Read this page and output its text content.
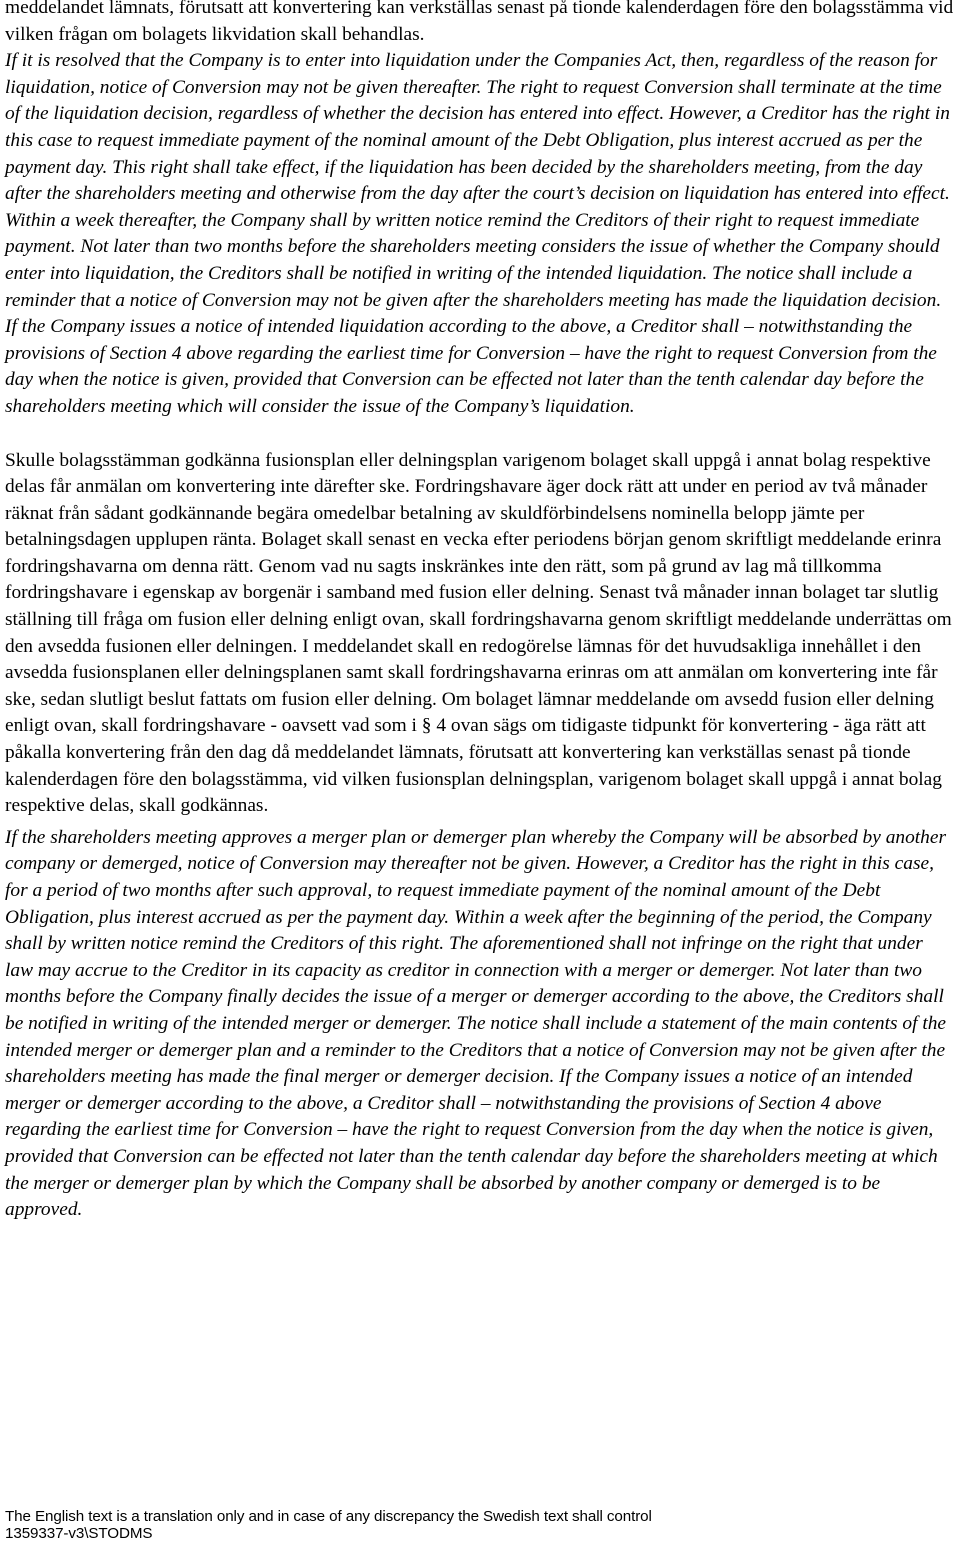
meddelandet lämnats, förutsatt att konvertering kan verkställas senast på tionde kalenderdagen före den bolagsstämma vid vilken frågan om bolagets likvidation skall behandlas.

If it is resolved that the Company is to enter into liquidation under the Companies Act, then, regardless of the reason for liquidation, notice of Conversion may not be given thereafter. The right to request Conversion shall terminate at the time of the liquidation decision, regardless of whether the decision has entered into effect. However, a Creditor has the right in this case to request immediate payment of the nominal amount of the Debt Obligation, plus interest accrued as per the payment day. This right shall take effect, if the liquidation has been decided by the shareholders meeting, from the day after the shareholders meeting and otherwise from the day after the court’s decision on liquidation has entered into effect. Within a week thereafter, the Company shall by written notice remind the Creditors of their right to request immediate payment. Not later than two months before the shareholders meeting considers the issue of whether the Company should enter into liquidation, the Creditors shall be notified in writing of the intended liquidation. The notice shall include a reminder that a notice of Conversion may not be given after the shareholders meeting has made the liquidation decision. If the Company issues a notice of intended liquidation according to the above, a Creditor shall – notwithstanding the provisions of Section 4 above regarding the earliest time for Conversion – have the right to request Conversion from the day when the notice is given, provided that Conversion can be effected not later than the tenth calendar day before the shareholders meeting which will consider the issue of the Company’s liquidation.

Skulle bolagsstämman godkänna fusionsplan eller delningsplan varigenom bolaget skall uppgå i annat bolag respektive delas får anmälan om konvertering inte därefter ske. Fordringshavare äger dock rätt att under en period av två månader räknat från sådant godkännande begära omedelbar betalning av skuldförbindelsens nominella belopp jämte per betalningsdagen upplupen ränta. Bolaget skall senast en vecka efter periodens början genom skriftligt meddelande erinra fordringshavarna om denna rätt. Genom vad nu sagts inskränkes inte den rätt, som på grund av lag må tillkomma fordringshavare i egenskap av borgenär i samband med fusion eller delning. Senast två månader innan bolaget tar slutlig ställning till fråga om fusion eller delning enligt ovan, skall fordringshavarna genom skriftligt meddelande underrättas om den avsedda fusionen eller delningen. I meddelandet skall en redogörelse lämnas för det huvudsakliga innehållet i den avsedda fusionsplanen eller delningsplanen samt skall fordringshavarna erinras om att anmälan om konvertering inte får ske, sedan slutligt beslut fattats om fusion eller delning. Om bolaget lämnar meddelande om avsedd fusion eller delning enligt ovan, skall fordringshavare - oavsett vad som i § 4 ovan sägs om tidigaste tidpunkt för konvertering - äga rätt att påkalla konvertering från den dag då meddelandet lämnats, förutsatt att konvertering kan verkställas senast på tionde kalenderdagen före den bolagsstämma, vid vilken fusionsplan delningsplan, varigenom bolaget skall uppgå i annat bolag respektive delas, skall godkännas.

If the shareholders meeting approves a merger plan or demerger plan whereby the Company will be absorbed by another company or demerged, notice of Conversion may thereafter not be given. However, a Creditor has the right in this case, for a period of two months after such approval, to request immediate payment of the nominal amount of the Debt Obligation, plus interest accrued as per the payment day. Within a week after the beginning of the period, the Company shall by written notice remind the Creditors of this right. The aforementioned shall not infringe on the right that under law may accrue to the Creditor in its capacity as creditor in connection with a merger or demerger. Not later than two months before the Company finally decides the issue of a merger or demerger according to the above, the Creditors shall be notified in writing of the intended merger or demerger. The notice shall include a statement of the main contents of the intended merger or demerger plan and a reminder to the Creditors that a notice of Conversion may not be given after the shareholders meeting has made the final merger or demerger decision. If the Company issues a notice of an intended merger or demerger according to the above, a Creditor shall – notwithstanding the provisions of Section 4 above regarding the earliest time for Conversion – have the right to request Conversion from the day when the notice is given, provided that Conversion can be effected not later than the tenth calendar day before the shareholders meeting at which the merger or demerger plan by which the Company shall be absorbed by another company or demerged is to be approved.

The English text is a translation only and in case of any discrepancy the Swedish text shall control
1359337-v3\STODMS
